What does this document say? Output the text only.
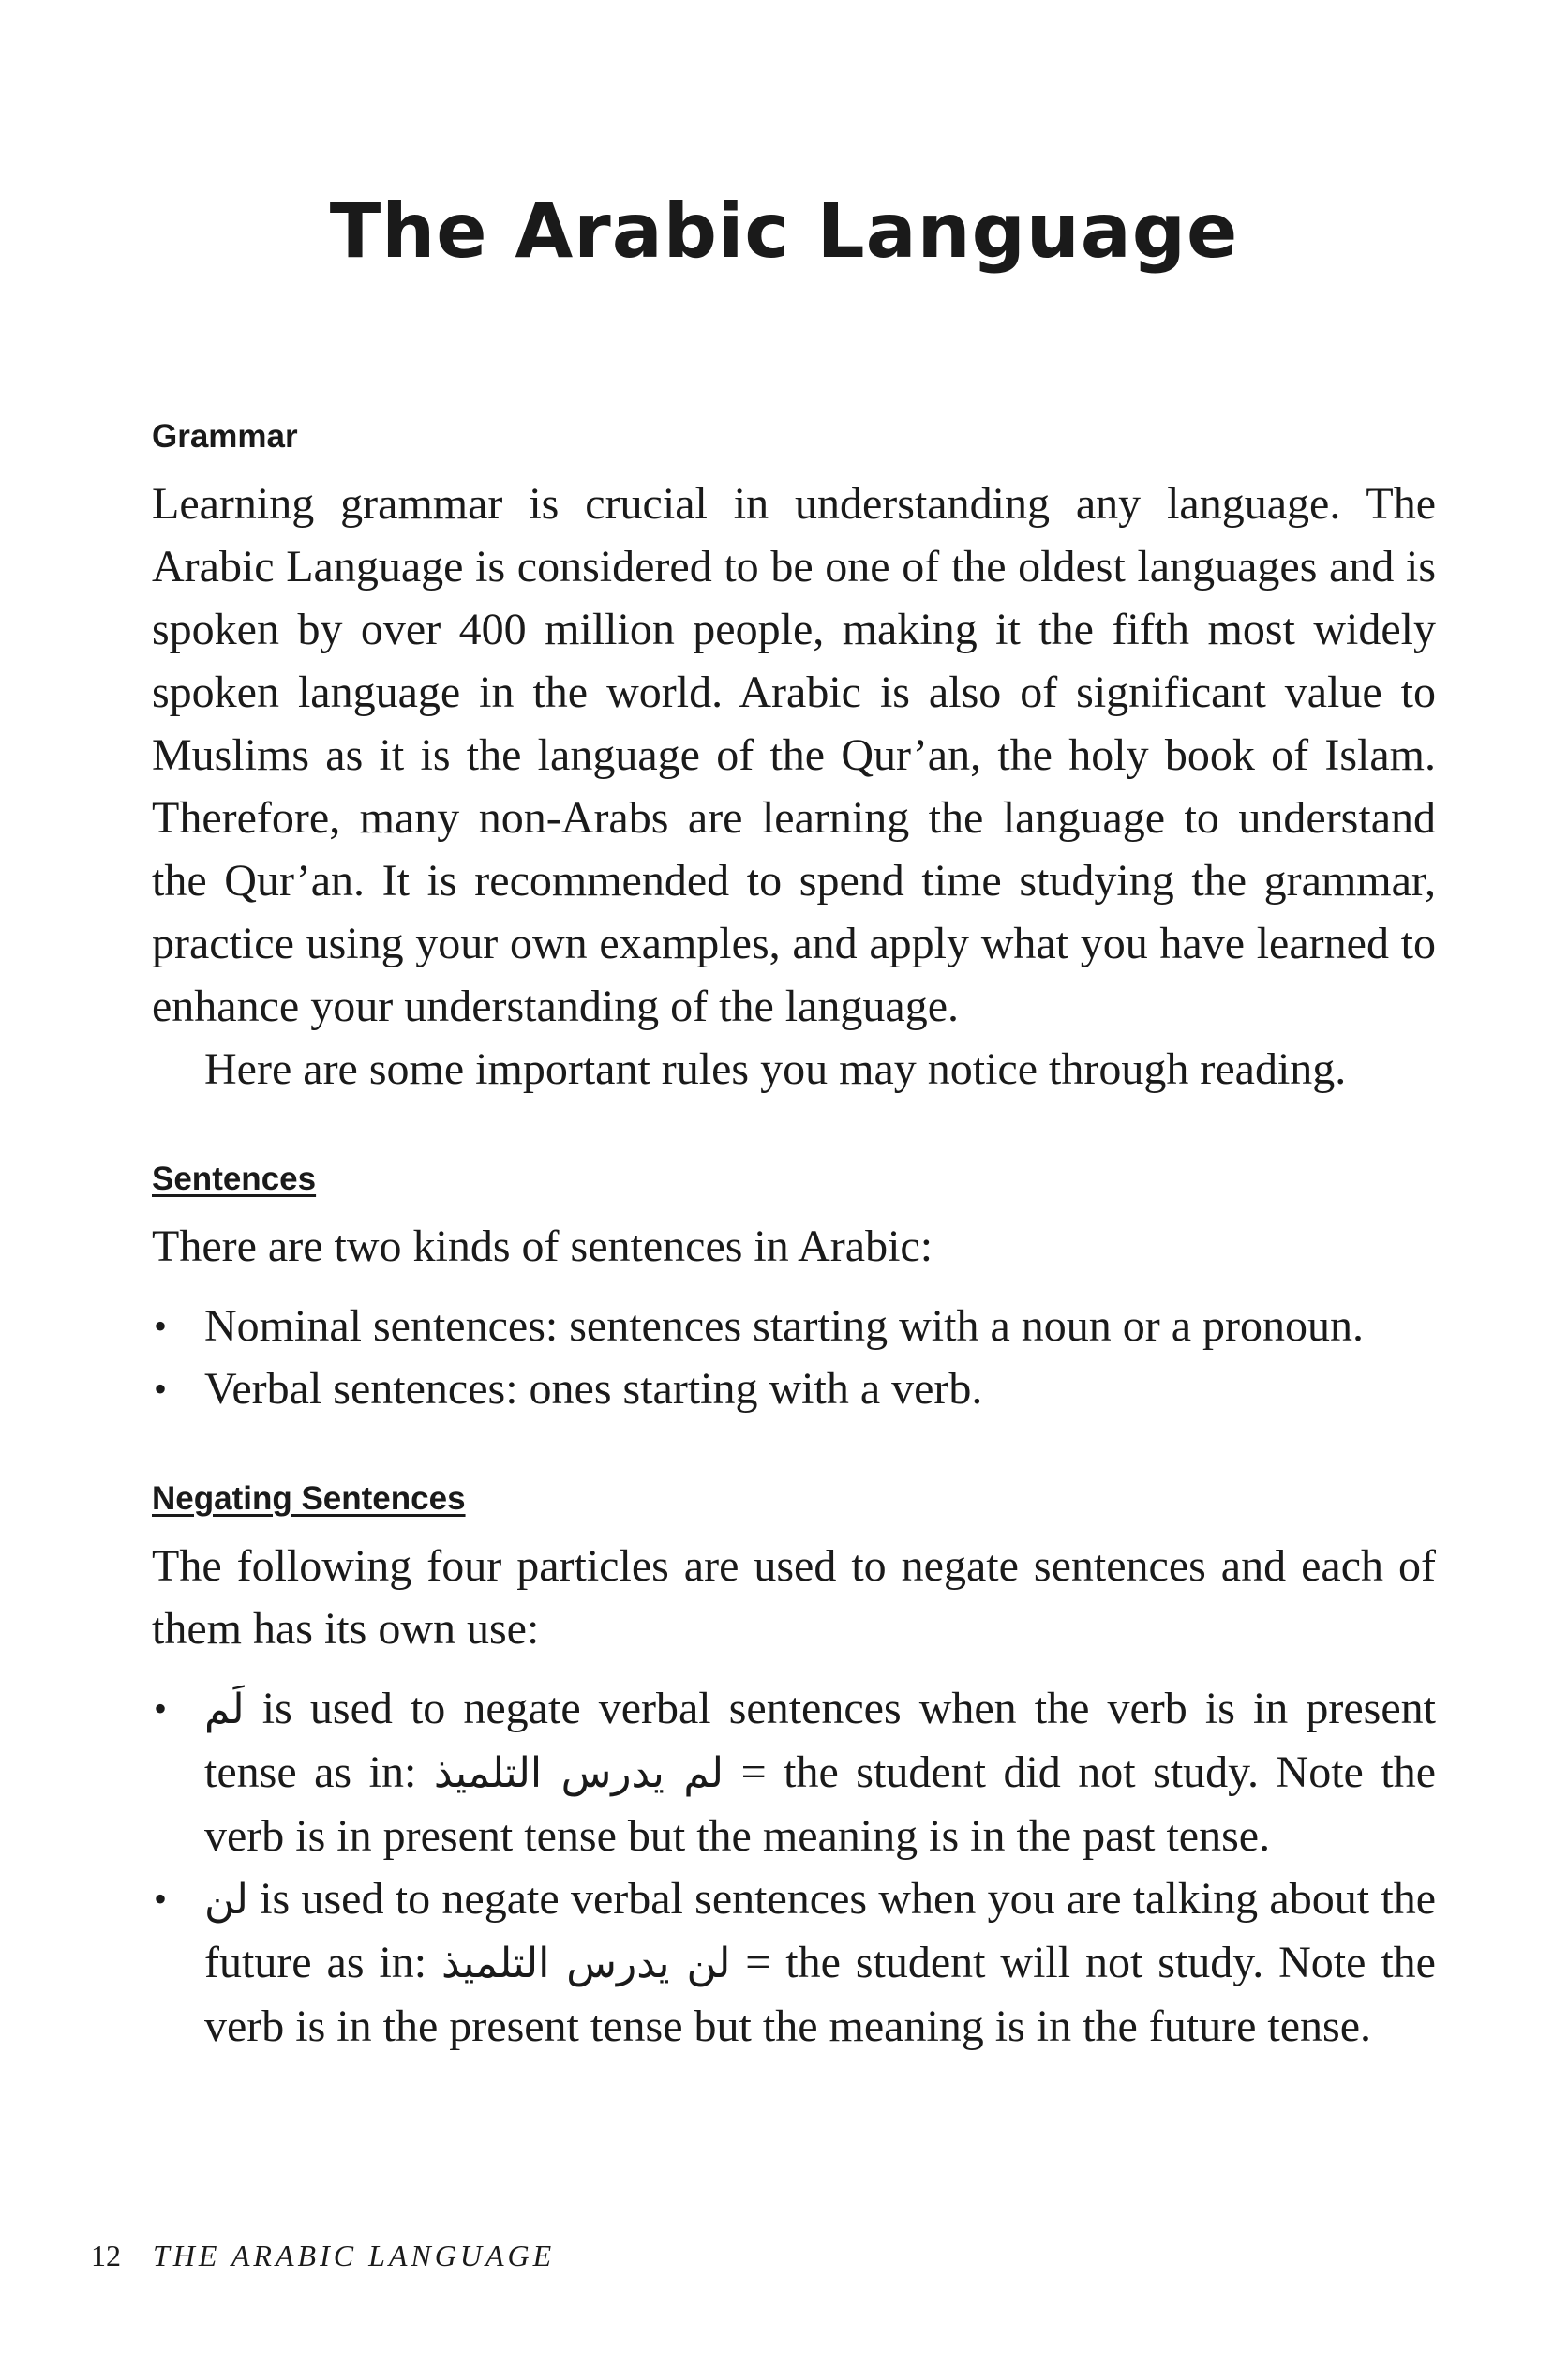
The Arabic Language
Grammar

Learning grammar is crucial in understanding any language. The Arabic Language is considered to be one of the oldest languages and is spoken by over 400 million people, making it the fifth most widely spoken language in the world. Arabic is also of significant value to Muslims as it is the language of the Qur’an, the holy book of Islam. Therefore, many non-Arabs are learning the language to understand the Qur’an. It is recommended to spend time studying the grammar, practice using your own examples, and apply what you have learned to enhance your understanding of the language.

Here are some important rules you may notice through reading.

Sentences

There are two kinds of sentences in Arabic:

• Nominal sentences: sentences starting with a noun or a pronoun.
• Verbal sentences: ones starting with a verb.
Negating Sentences

The following four particles are used to negate sentences and each of them has its own use:

• لَم is used to negate verbal sentences when the verb is in present tense as in: لم يدرس التلميذ = the student did not study. Note the verb is in present tense but the meaning is in the past tense.
• لن is used to negate verbal sentences when you are talking about the future as in: لن يدرس التلميذ = the student will not study. Note the verb is in the present tense but the meaning is in the future tense.
12 THE ARABIC LANGUAGE
